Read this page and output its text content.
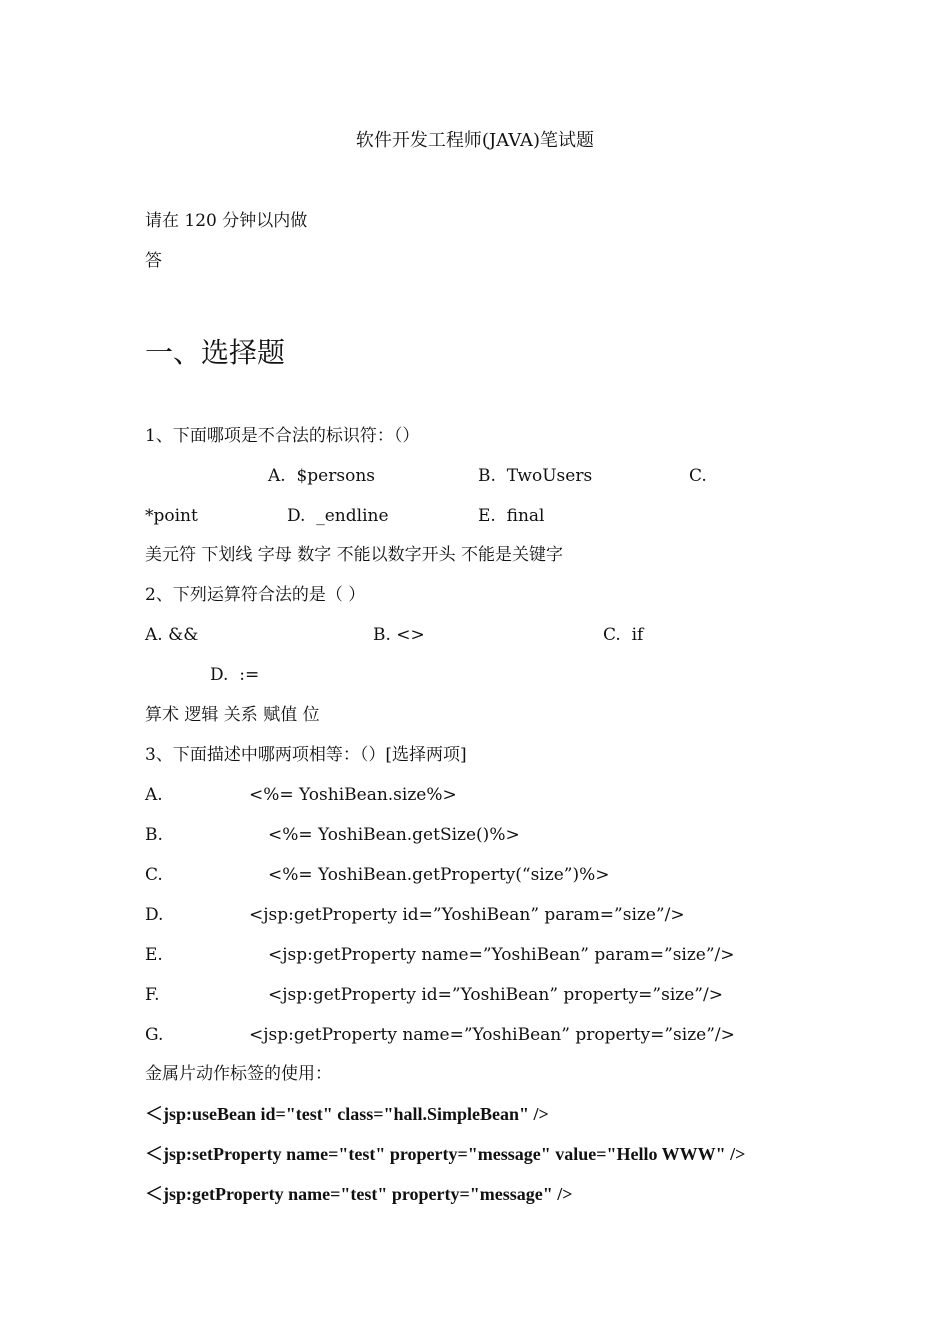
软件开发工程师(JAVA)笔试题
请在 120 分钟以内做
答
一、选择题
1、下面哪项是不合法的标识符：（）
A.  $persons	B.  TwoUsers	C.
*point	D.  _endline	E.  final
美元符 下划线 字母 数字 不能以数字开头 不能是关键字
2、下列运算符合法的是（ ）
A. &&	B. <>	C.  if
D.  :=
算术 逻辑 关系 赋值 位
3、下面描述中哪两项相等：（）[选择两项]
A.	<%= YoshiBean.size%>
B.	<%= YoshiBean.getSize()%>
C.	<%= YoshiBean.getProperty(“size”)%>
D.	<jsp:getProperty id=”YoshiBean” param=”size”/>
E.	<jsp:getProperty name=”YoshiBean” param=”size”/>
F.	<jsp:getProperty id=”YoshiBean” property=”size”/>
G.	<jsp:getProperty name=”YoshiBean” property=”size”/>
金属片动作标签的使用：
＜jsp:useBean id="test" class="hall.SimpleBean" />
＜jsp:setProperty name="test" property="message" value="Hello WWW" />
＜jsp:getProperty name="test" property="message" />
